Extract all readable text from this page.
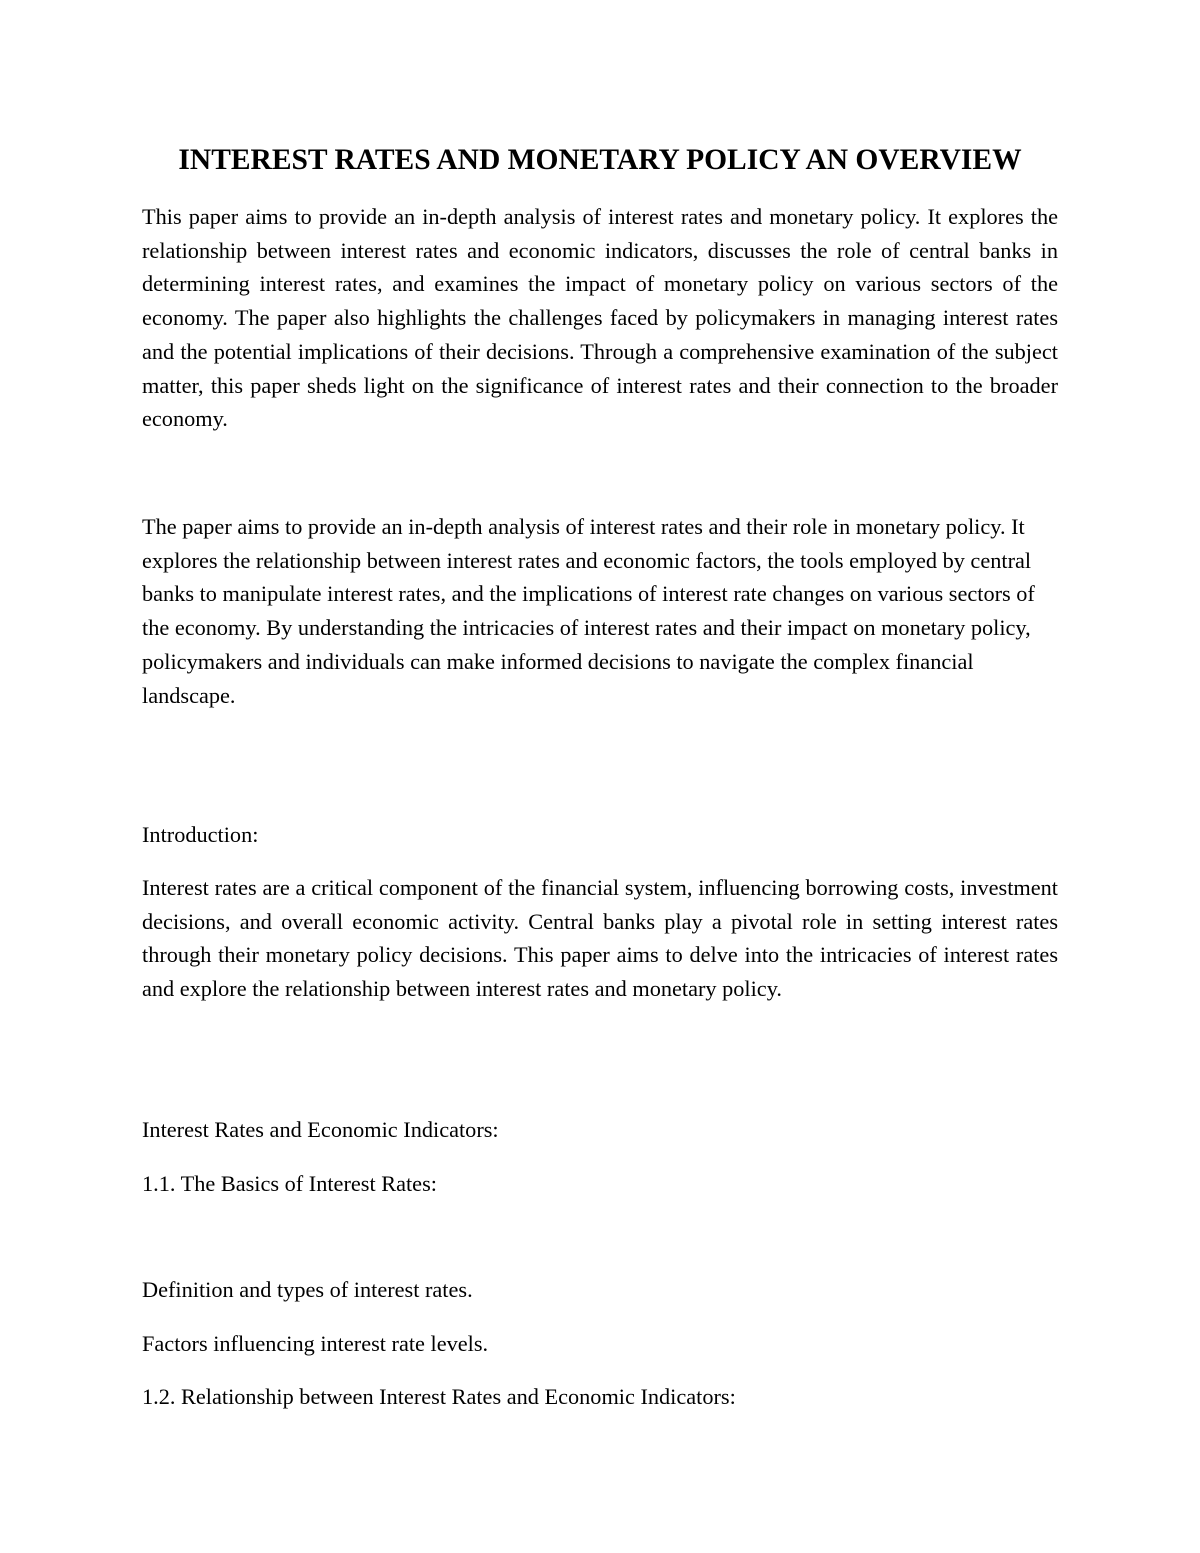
INTEREST RATES AND MONETARY POLICY AN OVERVIEW

This paper aims to provide an in-depth analysis of interest rates and monetary policy. It explores the relationship between interest rates and economic indicators, discusses the role of central banks in determining interest rates, and examines the impact of monetary policy on various sectors of the economy. The paper also highlights the challenges faced by policymakers in managing interest rates and the potential implications of their decisions. Through a comprehensive examination of the subject matter, this paper sheds light on the significance of interest rates and their connection to the broader economy.

The paper aims to provide an in-depth analysis of interest rates and their role in monetary policy. It explores the relationship between interest rates and economic factors, the tools employed by central banks to manipulate interest rates, and the implications of interest rate changes on various sectors of the economy. By understanding the intricacies of interest rates and their impact on monetary policy, policymakers and individuals can make informed decisions to navigate the complex financial landscape.

Introduction:

Interest rates are a critical component of the financial system, influencing borrowing costs, investment decisions, and overall economic activity. Central banks play a pivotal role in setting interest rates through their monetary policy decisions. This paper aims to delve into the intricacies of interest rates and explore the relationship between interest rates and monetary policy.

Interest Rates and Economic Indicators:

1.1. The Basics of Interest Rates:

Definition and types of interest rates.

Factors influencing interest rate levels.

1.2. Relationship between Interest Rates and Economic Indicators:
